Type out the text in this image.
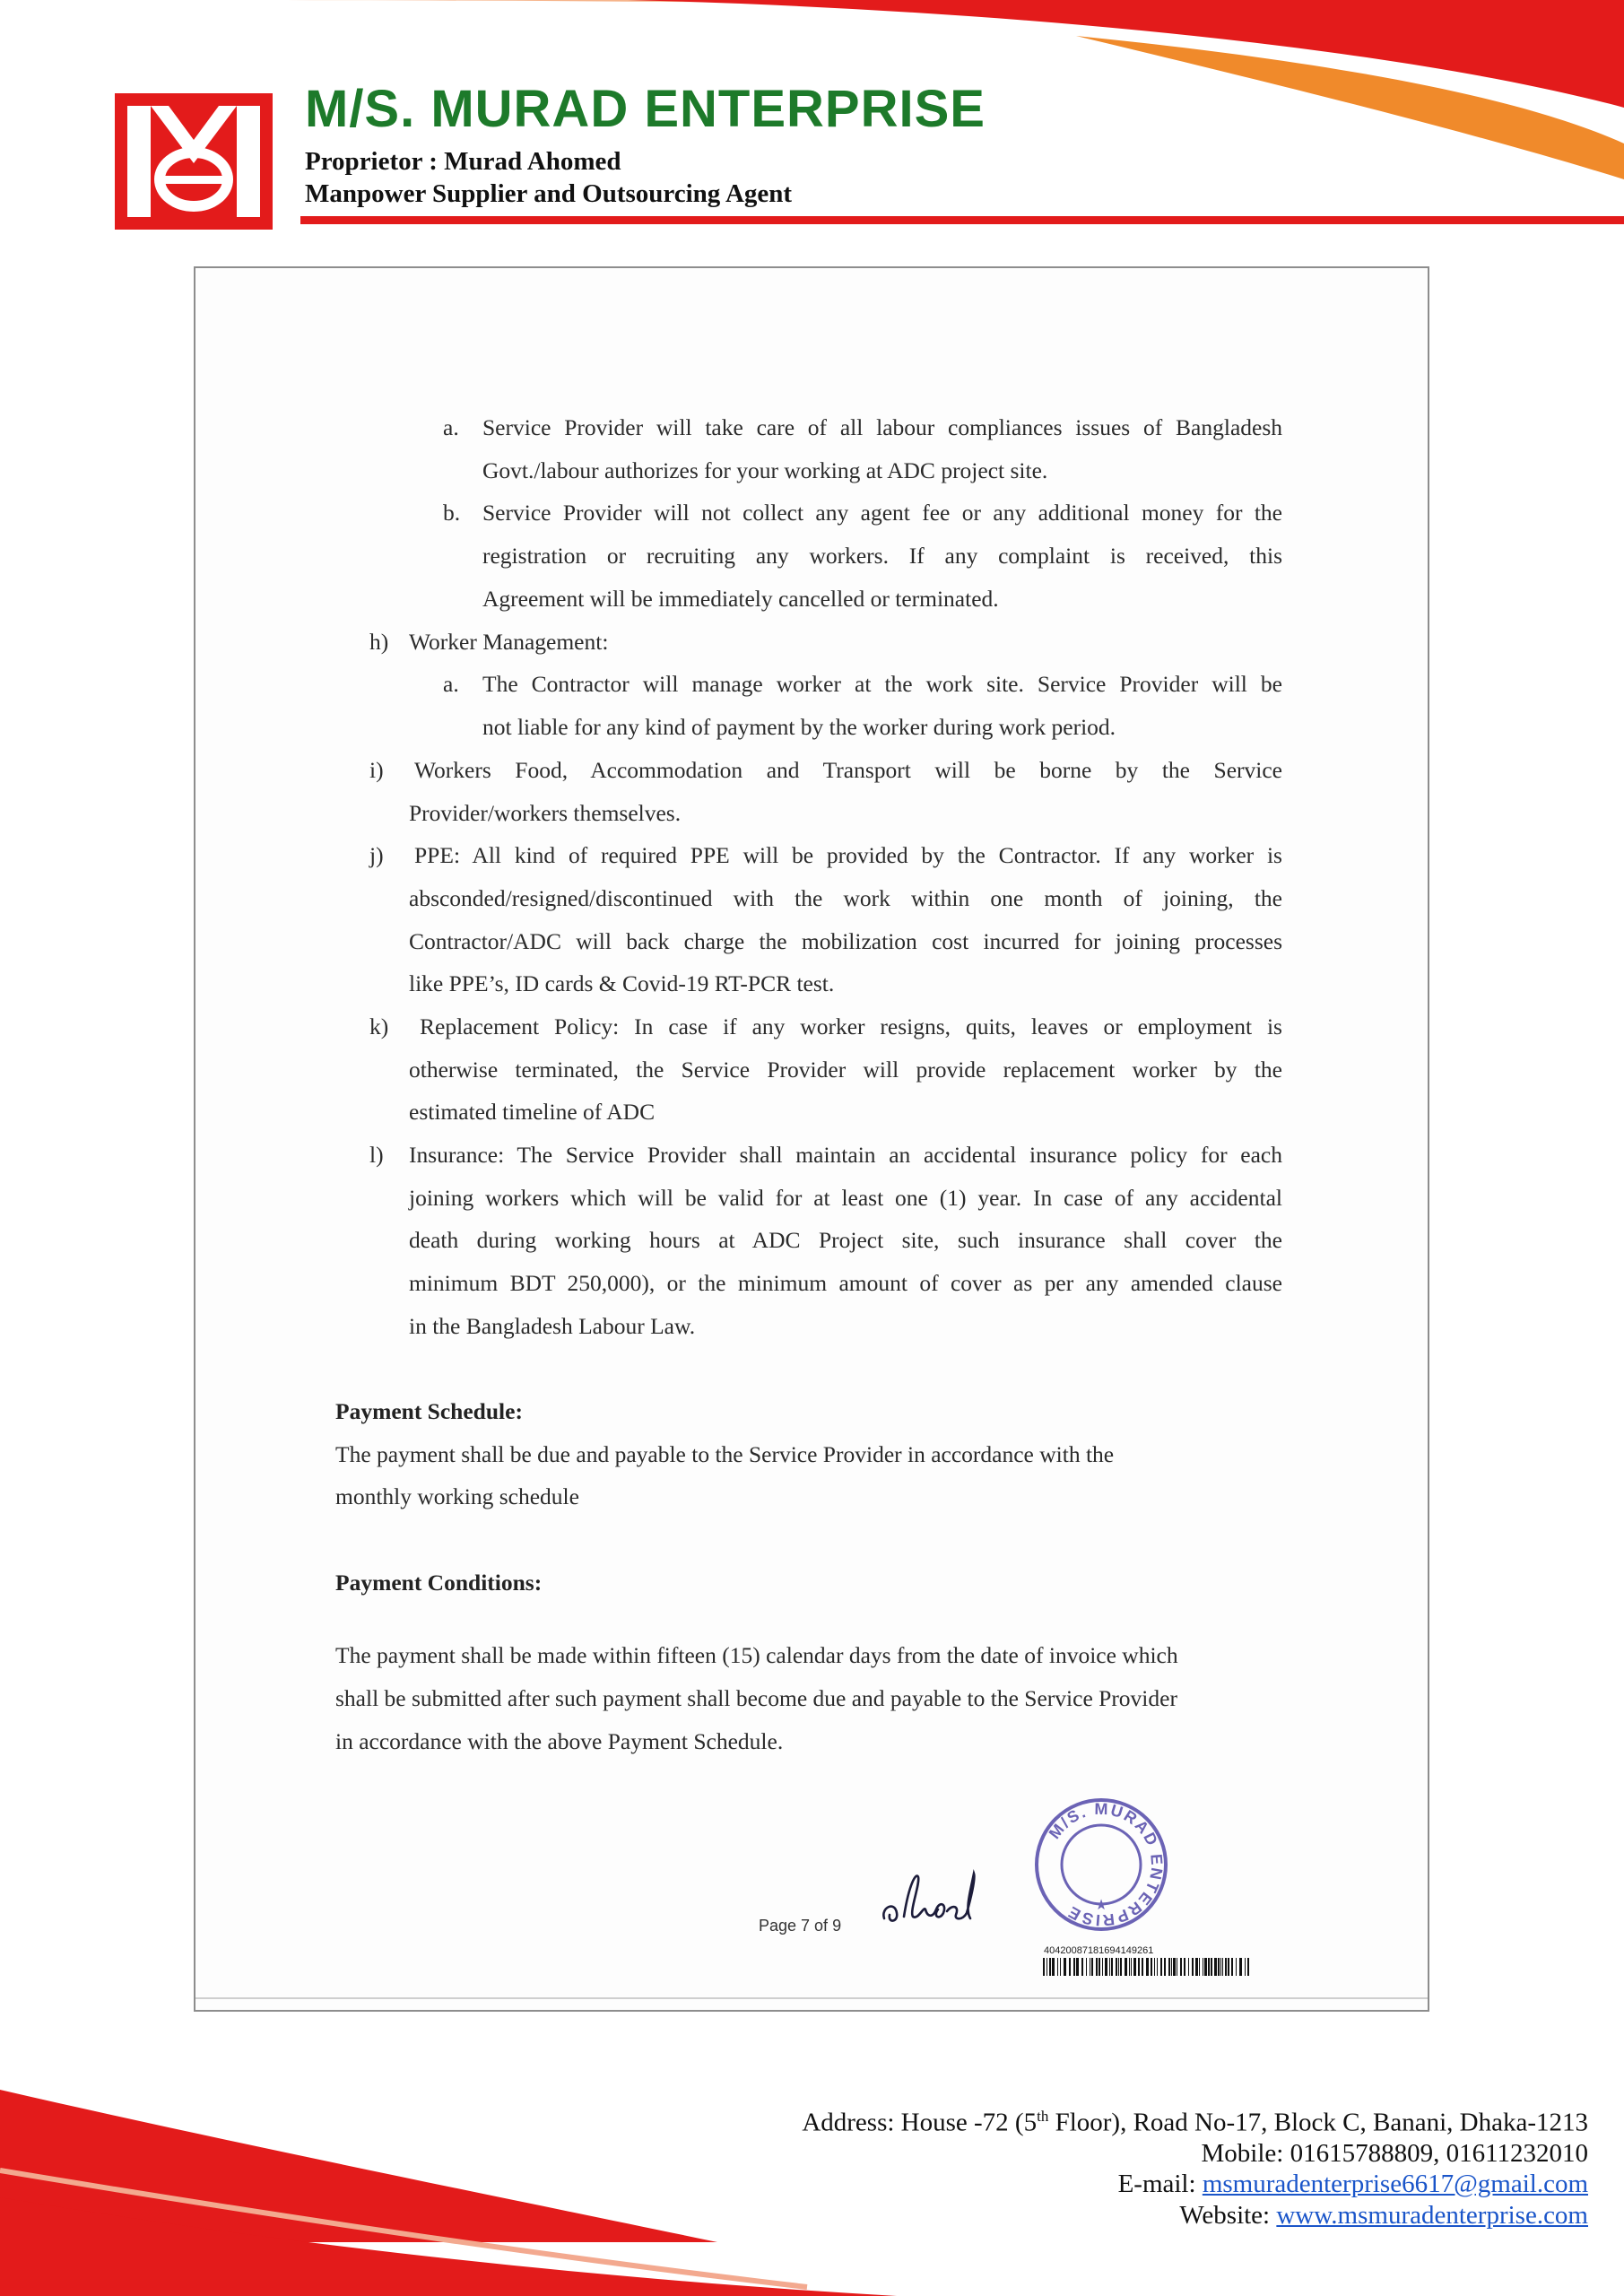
M/S. MURAD ENTERPRISE
Proprietor : Murad Ahomed
Manpower Supplier and Outsourcing Agent
a. Service Provider will take care of all labour compliances issues of Bangladesh
Govt./labour authorizes for your working at ADC project site.
b. Service Provider will not collect any agent fee or any additional money for the
registration or recruiting any workers. If any complaint is received, this
Agreement will be immediately cancelled or terminated.
h) Worker Management:
a. The Contractor will manage worker at the work site. Service Provider will be
not liable for any kind of payment by the worker during work period.
i) Workers Food, Accommodation and Transport will be borne by the Service
Provider/workers themselves.
j) PPE: All kind of required PPE will be provided by the Contractor. If any worker is
absconded/resigned/discontinued with the work within one month of joining, the
Contractor/ADC will back charge the mobilization cost incurred for joining processes
like PPE’s, ID cards & Covid-19 RT-PCR test.
k) Replacement Policy: In case if any worker resigns, quits, leaves or employment is
otherwise terminated, the Service Provider will provide replacement worker by the
estimated timeline of ADC
l) Insurance: The Service Provider shall maintain an accidental insurance policy for each
joining workers which will be valid for at least one (1) year. In case of any accidental
death during working hours at ADC Project site, such insurance shall cover the
minimum BDT 250,000), or the minimum amount of cover as per any amended clause
in the Bangladesh Labour Law.
Payment Schedule:
The payment shall be due and payable to the Service Provider in accordance with the
monthly working schedule
Payment Conditions:
The payment shall be made within fifteen (15) calendar days from the date of invoice which
shall be submitted after such payment shall become due and payable to the Service Provider
in accordance with the above Payment Schedule.
Page 7 of 9
M/S. MURAD ENTERPRISE ★
40420087181694149261
Address: House -72 (5th Floor), Road No-17, Block C, Banani, Dhaka-1213
Mobile: 01615788809, 01611232010
E-mail: msmuradenterprise6617@gmail.com
Website: www.msmuradenterprise.com
